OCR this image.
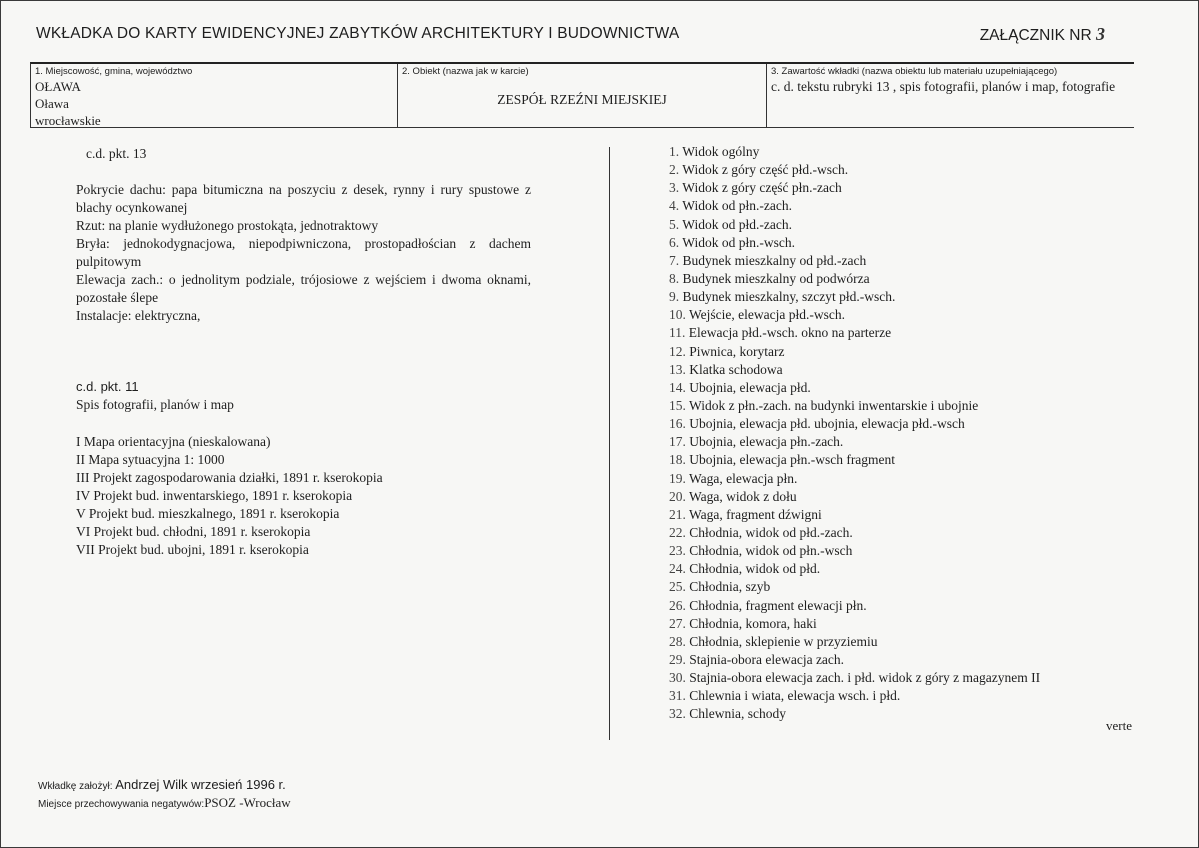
WKŁADKA DO KARTY EWIDENCYJNEJ ZABYTKÓW ARCHITEKTURY I BUDOWNICTWA	ZAŁĄCZNIK NR 3
1. Miejscowość, gmina, województwo
OŁAWA
Oława
wrocławskie
2. Obiekt (nazwa jak w karcie)
ZESPÓŁ RZEŹNI MIEJSKIEJ
3. Zawartość wkładki (nazwa obiektu lub materiału uzupełniającego)
c. d. tekstu rubryki 13 , spis fotografii, planów i map, fotografie
c.d. pkt. 13

Pokrycie dachu: papa bitumiczna na poszyciu z desek, rynny i rury spustowe z blachy ocynkowanej

Rzut: na planie wydłużonego prostokąta, jednotraktowy

Bryła: jednokodygnacjowa, niepodpiwniczona, prostopadłościan z dachem pulpitowym

Elewacja zach.: o jednolitym podziale, trójosiowe z wejściem i dwoma oknami, pozostałe ślepe

Instalacje: elektryczna,

c.d. pkt. 11
Spis fotografii, planów i map

I Mapa orientacyjna (nieskalowana)

II Mapa sytuacyjna 1: 1000

III Projekt zagospodarowania działki, 1891 r. kserokopia

IV Projekt bud. inwentarskiego, 1891 r. kserokopia

V Projekt bud. mieszkalnego, 1891 r. kserokopia

VI Projekt bud. chłodni, 1891 r. kserokopia

VII Projekt bud. ubojni, 1891 r. kserokopia

1. Widok ogólny
2. Widok z góry część płd.-wsch.
3. Widok z góry część płn.-zach
4. Widok od płn.-zach.
5. Widok od płd.-zach.
6. Widok od płn.-wsch.
7. Budynek mieszkalny od płd.-zach
8. Budynek mieszkalny od podwórza
9. Budynek mieszkalny, szczyt płd.-wsch.
10. Wejście, elewacja płd.-wsch.
11. Elewacja płd.-wsch. okno na parterze
12. Piwnica, korytarz
13. Klatka schodowa
14. Ubojnia, elewacja płd.
15. Widok z płn.-zach. na budynki inwentarskie i ubojnie
16. Ubojnia, elewacja płd. ubojnia, elewacja płd.-wsch
17. Ubojnia, elewacja płn.-zach.
18. Ubojnia, elewacja płn.-wsch fragment
19. Waga, elewacja płn.
20. Waga, widok z dołu
21. Waga, fragment dźwigni
22. Chłodnia, widok od płd.-zach.
23. Chłodnia, widok od płn.-wsch
24. Chłodnia, widok od płd.
25. Chłodnia, szyb
26. Chłodnia, fragment elewacji płn.
27. Chłodnia, komora, haki
28. Chłodnia, sklepienie w przyziemiu
29. Stajnia-obora elewacja zach.
30. Stajnia-obora elewacja zach. i płd. widok z góry z magazynem II
31. Chlewnia i wiata, elewacja wsch. i płd.
32. Chlewnia, schody
verte
Wkładkę założył: Andrzej Wilk wrzesień 1996 r.
Miejsce przechowywania negatywów:PSOZ -Wrocław
